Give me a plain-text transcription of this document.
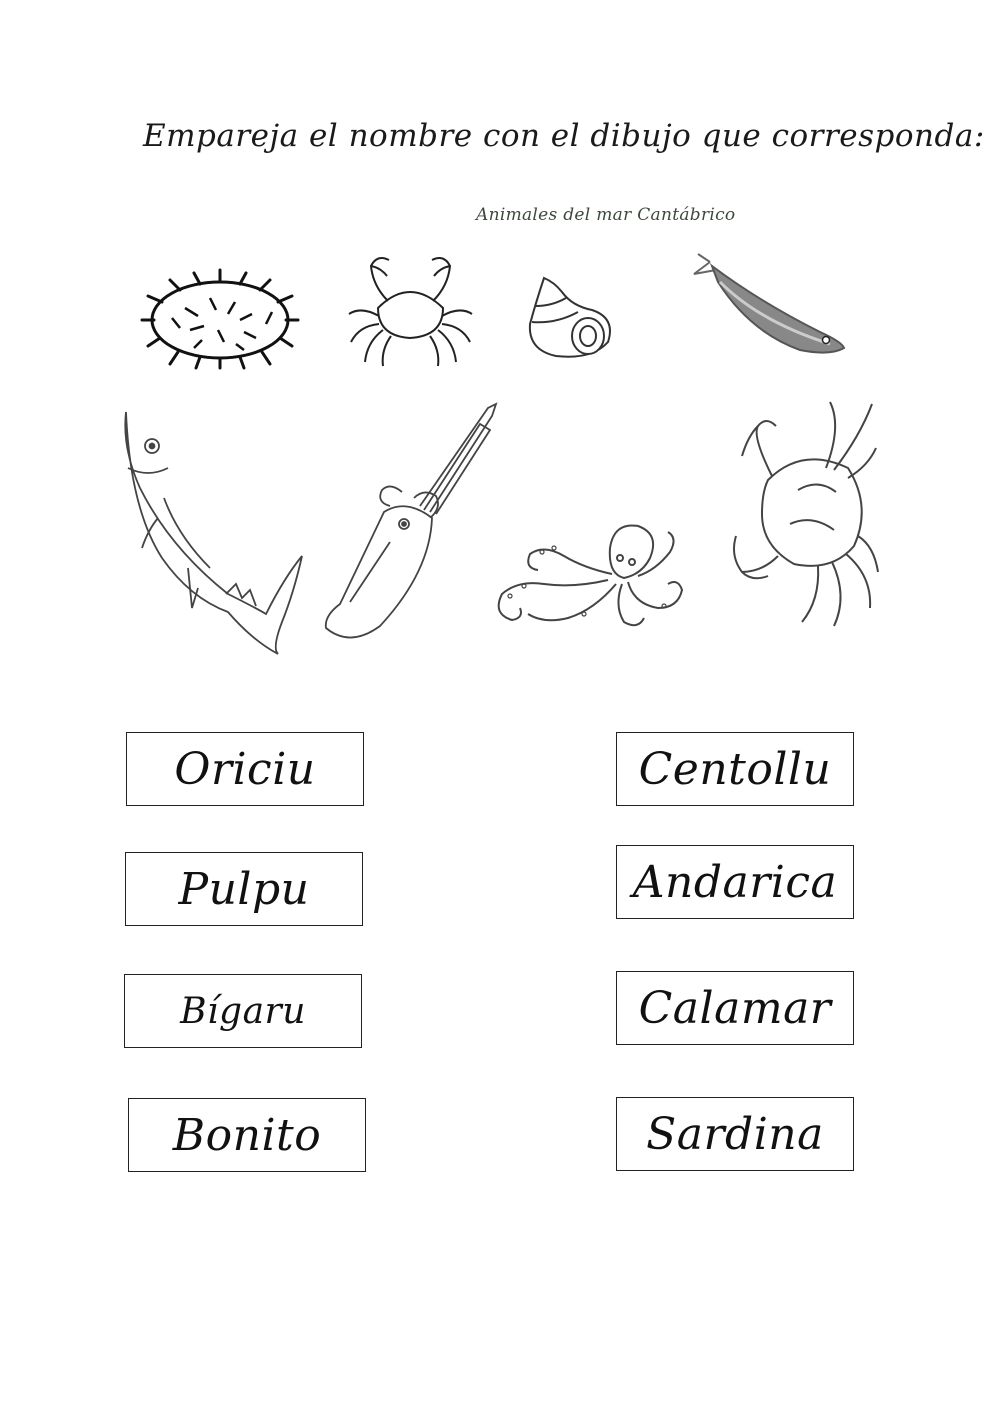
Empareja el nombre con el dibujo que corresponda:
Animales del mar Cantábrico
Oriciu
Pulpu
Bígaru
Bonito
Centollu
Andarica
Calamar
Sardina
